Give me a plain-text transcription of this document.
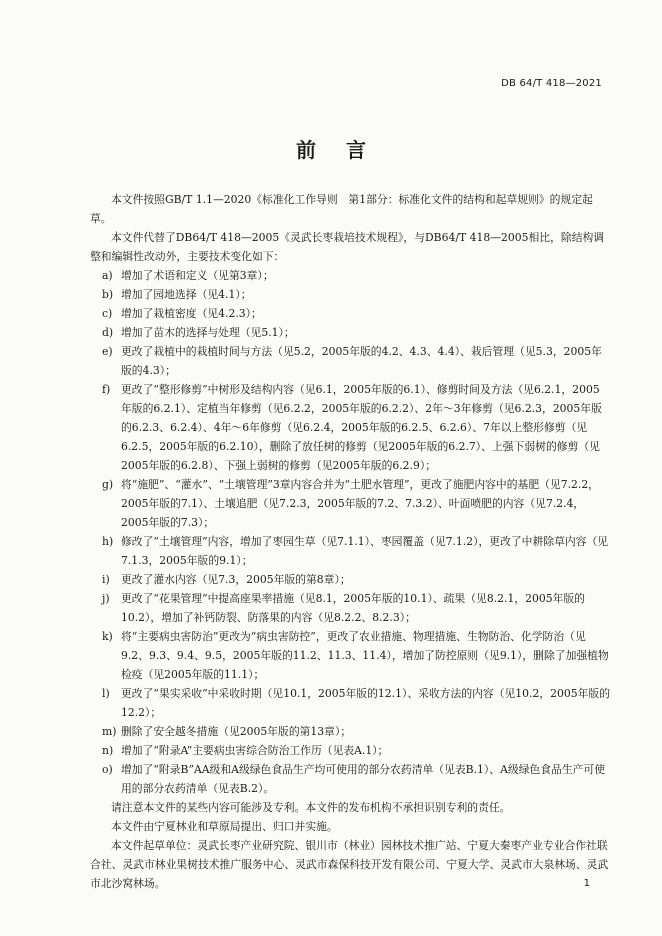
DB 64/T 418—2021
前言
本文件按照GB/T 1.1—2020《标准化工作导则　第1部分：标准化文件的结构和起草规则》的规定起草。
本文件代替了DB64/T 418—2005《灵武长枣栽培技术规程》，与DB64/T 418—2005相比，除结构调整和编辑性改动外，主要技术变化如下：
a) 增加了术语和定义（见第3章）；
b) 增加了园地选择（见4.1）；
c) 增加了栽植密度（见4.2.3）；
d) 增加了苗木的选择与处理（见5.1）；
e) 更改了栽植中的栽植时间与方法（见5.2，2005年版的4.2、4.3、4.4）、栽后管理（见5.3，2005年版的4.3）；
f) 更改了“整形修剪”中树形及结构内容（见6.1，2005年版的6.1）、修剪时间及方法（见6.2.1，2005年版的6.2.1）、定植当年修剪（见6.2.2，2005年版的6.2.2）、2年～3年修剪（见6.2.3，2005年版的6.2.3、6.2.4）、4年～6年修剪（见6.2.4，2005年版的6.2.5、6.2.6）、7年以上整形修剪（见6.2.5，2005年版的6.2.10），删除了放任树的修剪（见2005年版的6.2.7）、上强下弱树的修剪（见2005年版的6.2.8）、下强上弱树的修剪（见2005年版的6.2.9）；
g) 将“施肥”、“灌水”、“土壤管理”3章内容合并为“土肥水管理”，更改了施肥内容中的基肥（见7.2.2，2005年版的7.1）、土壤追肥（见7.2.3，2005年版的7.2、7.3.2）、叶面喷肥的内容（见7.2.4，2005年版的7.3）；
h) 修改了“土壤管理”内容，增加了枣园生草（见7.1.1）、枣园覆盖（见7.1.2），更改了中耕除草内容（见7.1.3，2005年版的9.1）；
i)	更改了灌水内容（见7.3，2005年版的第8章）；
j)	更改了“花果管理”中提高座果率措施（见8.1，2005年版的10.1）、疏果（见8.2.1，2005年版的10.2），增加了补钙防裂、防落果的内容（见8.2.2、8.2.3）；
k) 将“主要病虫害防治”更改为“病虫害防控”，更改了农业措施、物理措施、生物防治、化学防治（见9.2、9.3、9.4、9.5，2005年版的11.2、11.3、11.4），增加了防控原则（见9.1），删除了加强植物检疫（见2005年版的11.1）；
l)	更改了“果实采收”中采收时期（见10.1，2005年版的12.1）、采收方法的内容（见10.2，2005年版的12.2）；
m) 删除了安全越冬措施（见2005年版的第13章）；
n) 增加了“附录A”主要病虫害综合防治工作历（见表A.1）；
o) 增加了“附录B”AA级和A级绿色食品生产均可使用的部分农药清单（见表B.1）、A级绿色食品生产可使用的部分农药清单（见表B.2）。
请注意本文件的某些内容可能涉及专利。本文件的发布机构不承担识别专利的责任。
本文件由宁夏林业和草原局提出、归口并实施。
本文件起草单位：灵武长枣产业研究院、银川市（林业）园林技术推广站、宁夏大秦枣产业专业合作社联合社、灵武市林业果树技术推广服务中心、灵武市森保科技开发有限公司、宁夏大学、灵武市大泉林场、灵武市北沙窝林场。	1
